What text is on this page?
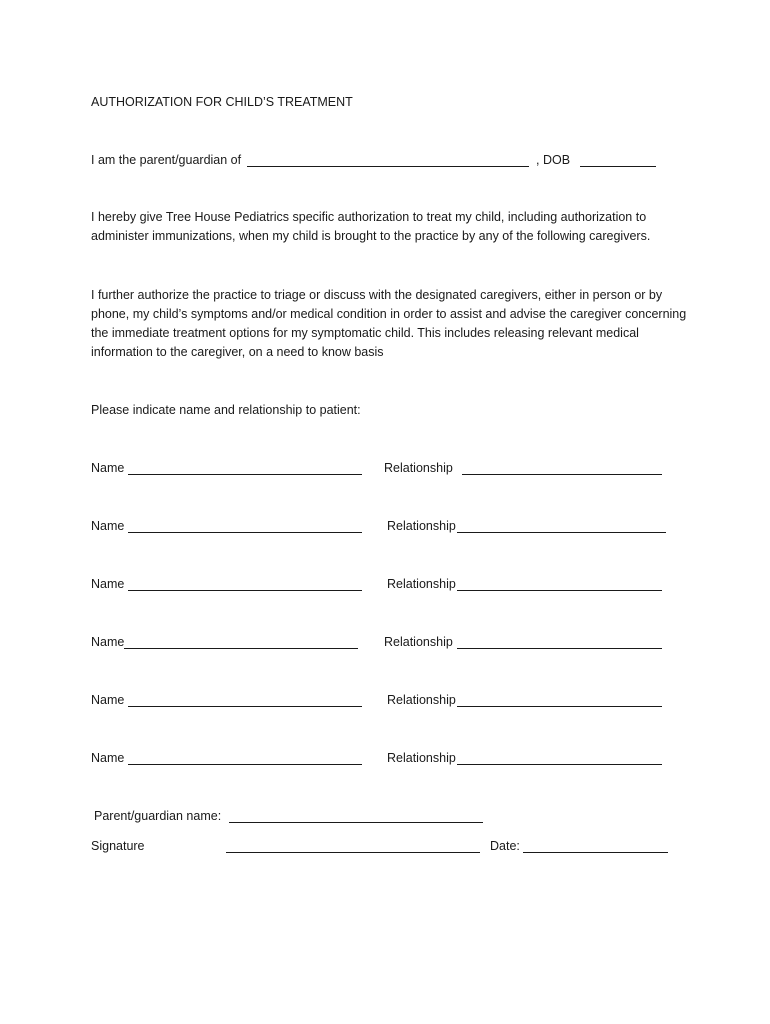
AUTHORIZATION FOR CHILD’S TREATMENT
I am the parent/guardian of	, DOB
I hereby give Tree House Pediatrics specific authorization to treat my child, including authorization to administer immunizations, when my child is brought to the practice by any of the following caregivers.
I further authorize the practice to triage or discuss with the designated caregivers, either in person or by phone, my child’s symptoms and/or medical condition in order to assist and advise the caregiver concerning the immediate treatment options for my symptomatic child. This includes releasing relevant medical information to the caregiver, on a need to know basis
Please indicate name and relationship to patient:
Name	Relationship
Name	Relationship
Name	Relationship
Name	Relationship
Name	Relationship
Name	Relationship
Parent/guardian name:
Signature	Date:
